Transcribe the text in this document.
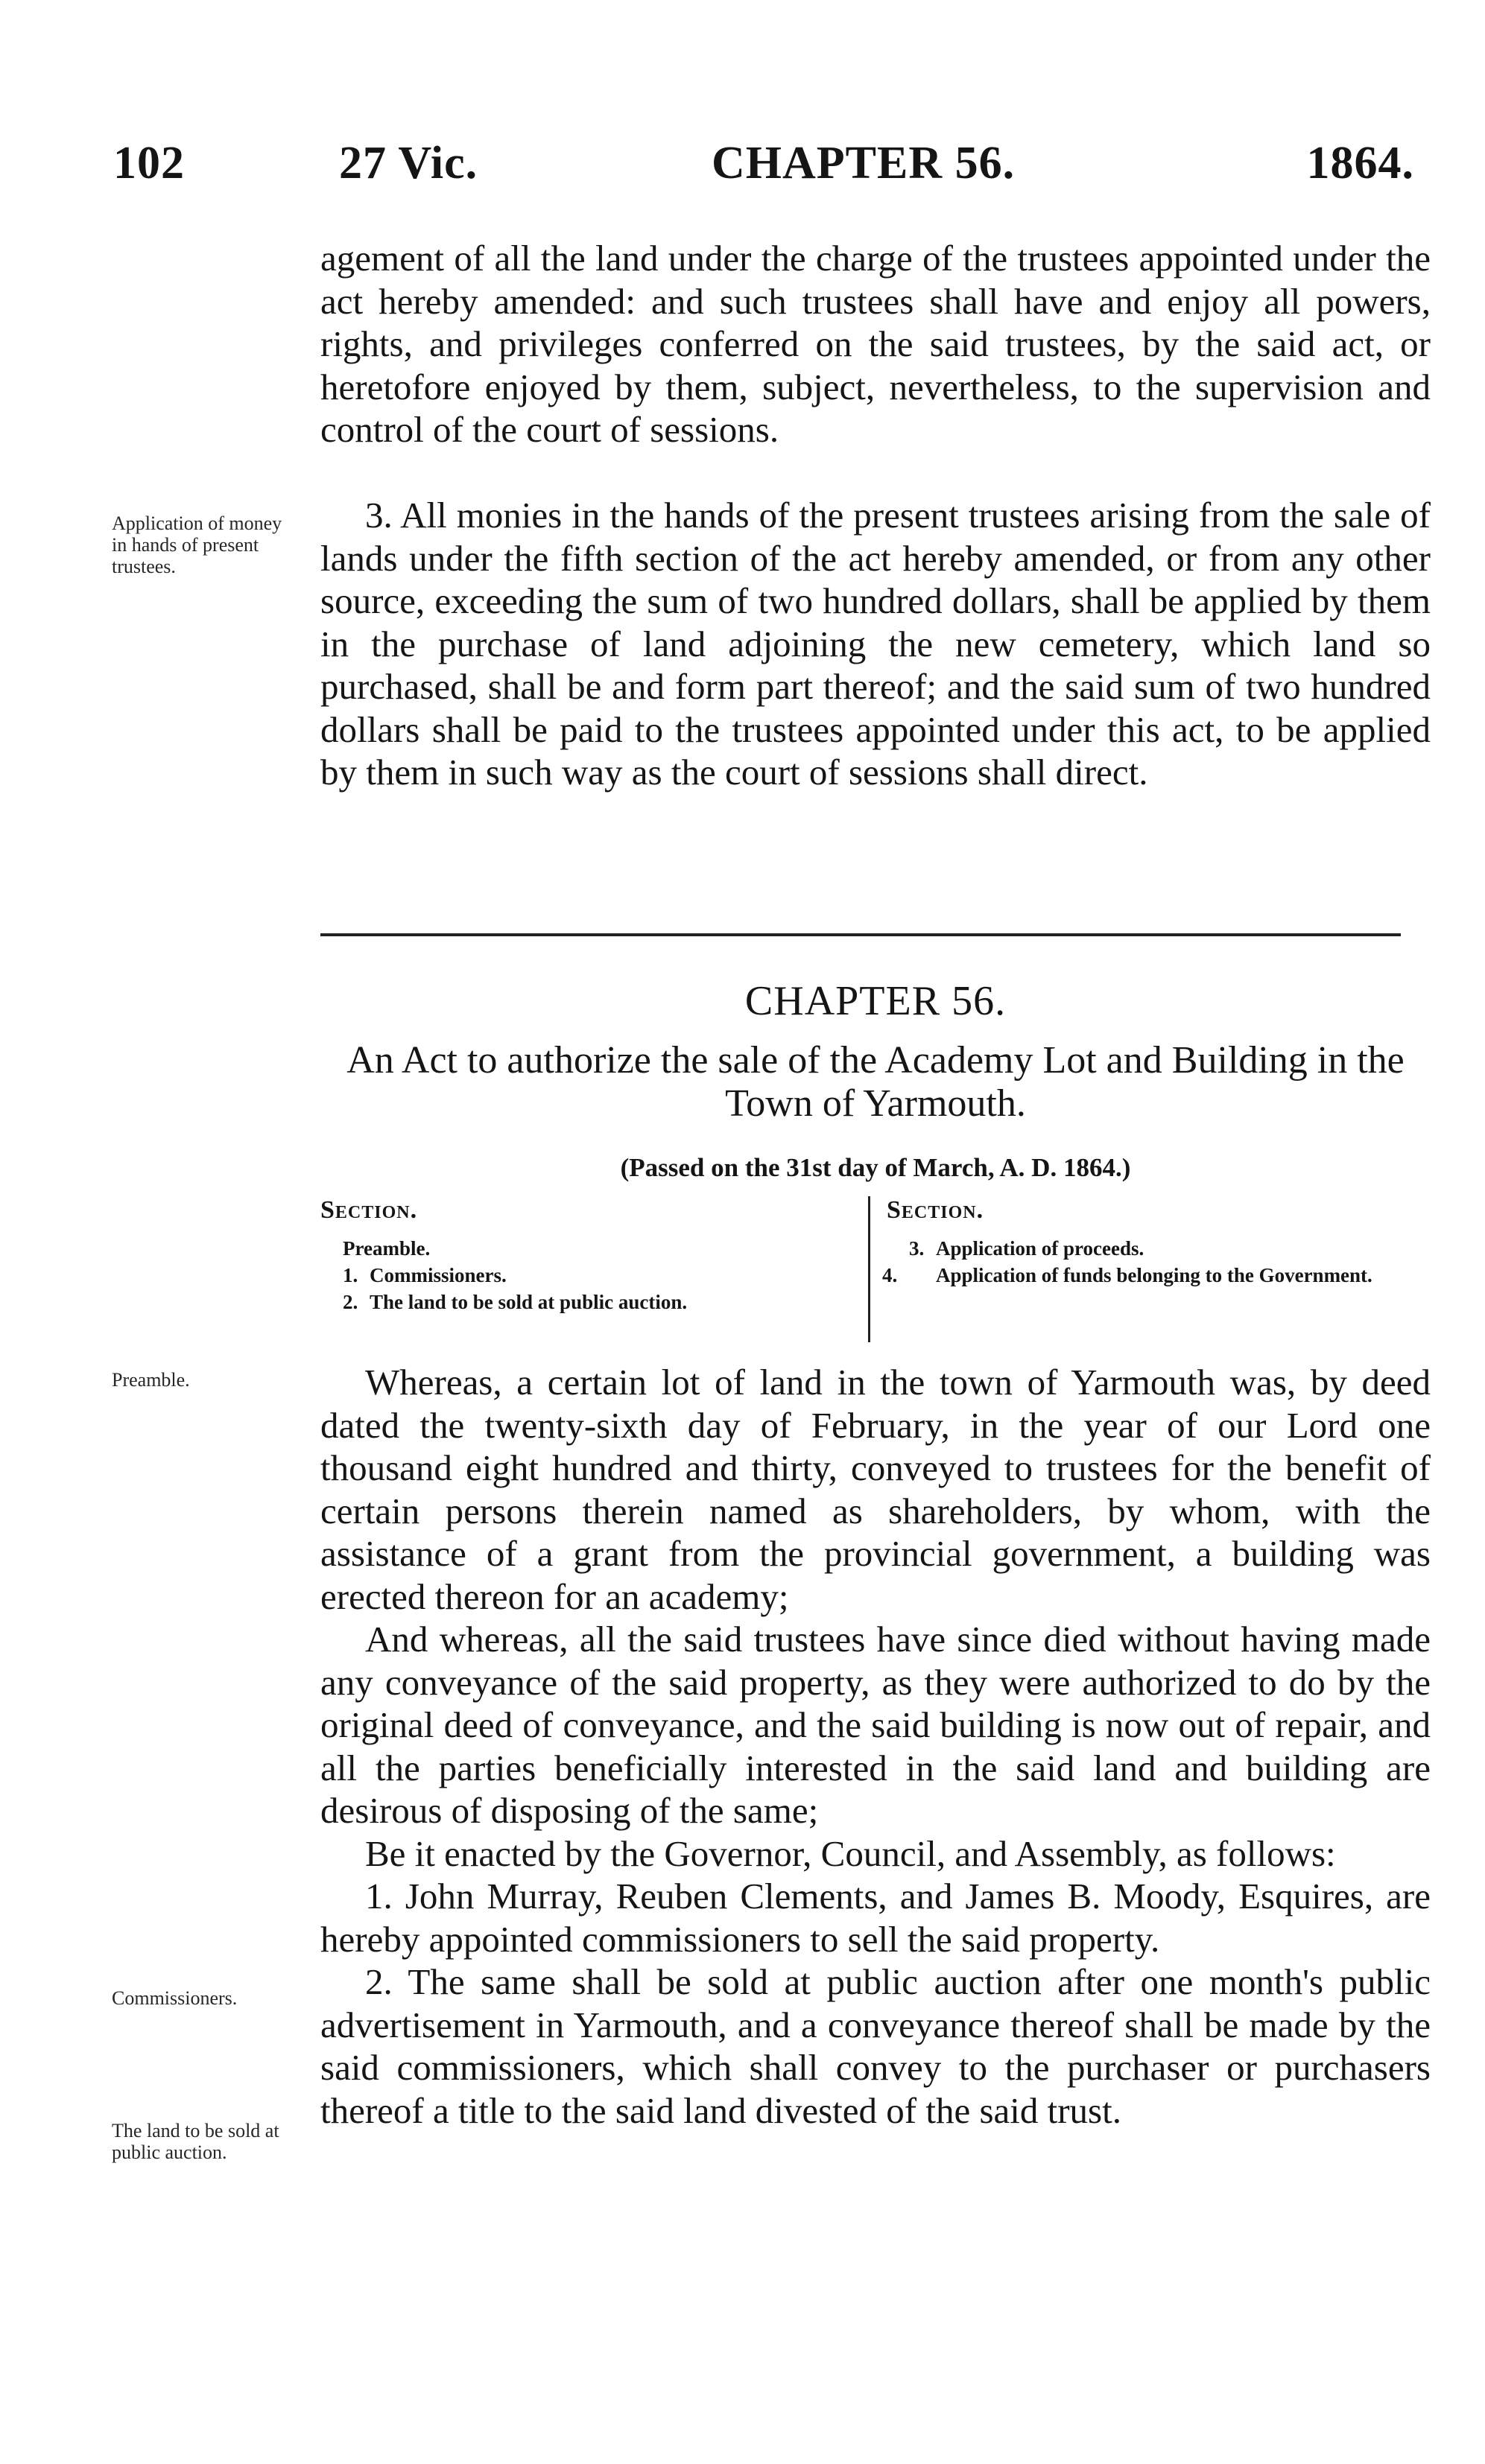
102	27 Vic.	CHAPTER 56.	1864.

agement of all the land under the charge of the trustees appointed under the act hereby amended: and such trustees shall have and enjoy all powers, rights, and privileges conferred on the said trustees, by the said act, or heretofore enjoyed by them, subject, nevertheless, to the supervision and control of the court of sessions.

Application of money in hands of present trustees.

3. All monies in the hands of the present trustees arising from the sale of lands under the fifth section of the act hereby amended, or from any other source, exceeding the sum of two hundred dollars, shall be applied by them in the purchase of land adjoining the new cemetery, which land so purchased, shall be and form part thereof; and the said sum of two hundred dollars shall be paid to the trustees appointed under this act, to be applied by them in such way as the court of sessions shall direct.

CHAPTER 56.
An Act to authorize the sale of the Academy Lot and Building in the Town of Yarmouth.
(Passed on the 31st day of March, A. D. 1864.)
Section.
Preamble.
1. Commissioners.
2. The land to be sold at public auction.
Section.
3. Application of proceeds.
4. Application of funds belonging to the Government.
Preamble.
Commissioners.
The land to be sold at public auction.

Whereas, a certain lot of land in the town of Yarmouth was, by deed dated the twenty-sixth day of February, in the year of our Lord one thousand eight hundred and thirty, conveyed to trustees for the benefit of certain persons therein named as shareholders, by whom, with the assistance of a grant from the provincial government, a building was erected thereon for an academy;

And whereas, all the said trustees have since died without having made any conveyance of the said property, as they were authorized to do by the original deed of conveyance, and the said building is now out of repair, and all the parties beneficially interested in the said land and building are desirous of disposing of the same;

Be it enacted by the Governor, Council, and Assembly, as follows:

1. John Murray, Reuben Clements, and James B. Moody, Esquires, are hereby appointed commissioners to sell the said property.

2. The same shall be sold at public auction after one month's public advertisement in Yarmouth, and a conveyance thereof shall be made by the said commissioners, which shall convey to the purchaser or purchasers thereof a title to the said land divested of the said trust.
